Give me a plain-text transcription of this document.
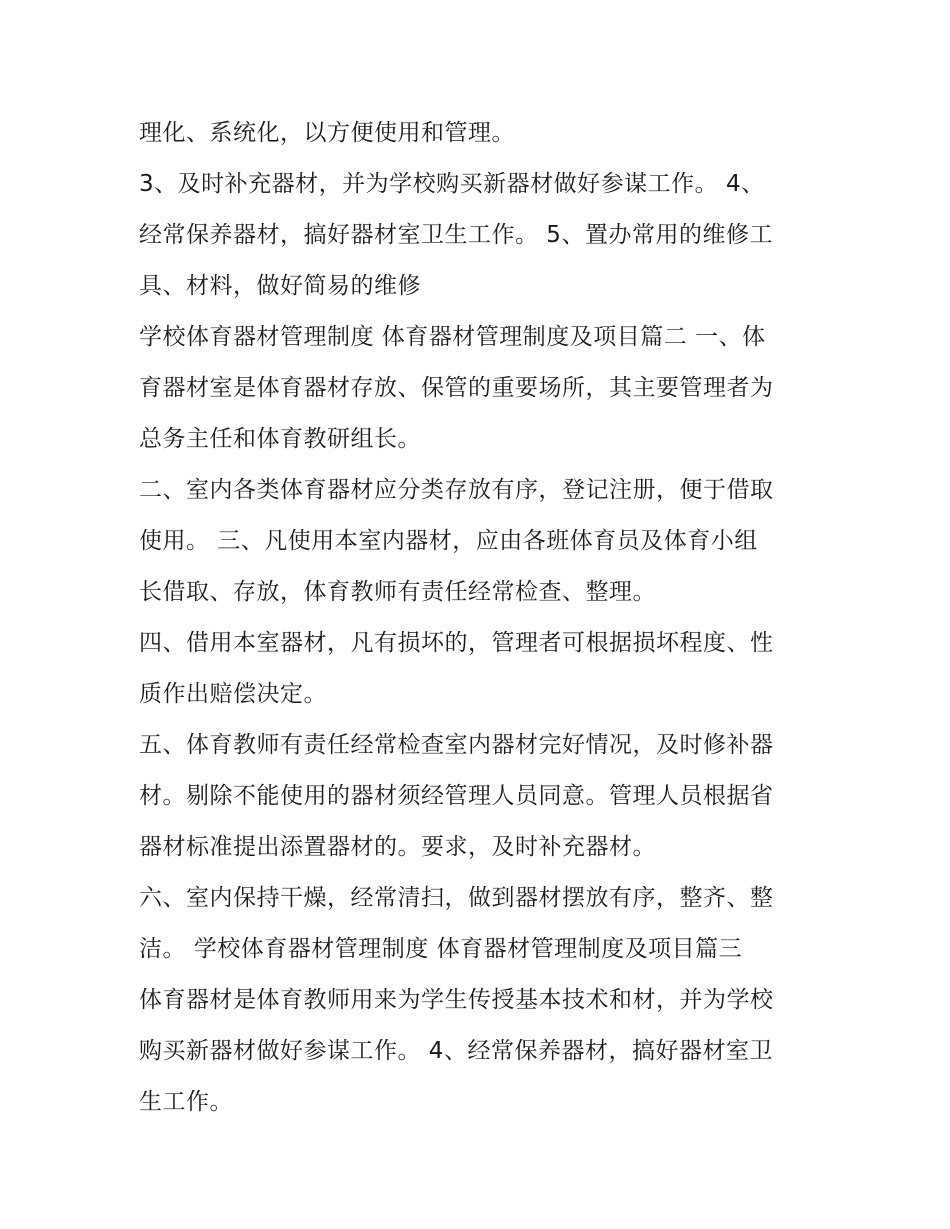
理化、系统化，以方便使用和管理。
3、及时补充器材，并为学校购买新器材做好参谋工作。 4、
经常保养器材，搞好器材室卫生工作。 5、置办常用的维修工
具、材料，做好简易的维修
学校体育器材管理制度 体育器材管理制度及项目篇二 一、体
育器材室是体育器材存放、保管的重要场所，其主要管理者为
总务主任和体育教研组长。
二、室内各类体育器材应分类存放有序，登记注册，便于借取
使用。 三、凡使用本室内器材，应由各班体育员及体育小组
长借取、存放，体育教师有责任经常检查、整理。
四、借用本室器材，凡有损坏的，管理者可根据损坏程度、性
质作出赔偿决定。
五、体育教师有责任经常检查室内器材完好情况，及时修补器
材。剔除不能使用的器材须经管理人员同意。管理人员根据省
器材标准提出添置器材的。要求，及时补充器材。
六、室内保持干燥，经常清扫，做到器材摆放有序，整齐、整
洁。 学校体育器材管理制度 体育器材管理制度及项目篇三
体育器材是体育教师用来为学生传授基本技术和材，并为学校
购买新器材做好参谋工作。 4、经常保养器材，搞好器材室卫
生工作。
